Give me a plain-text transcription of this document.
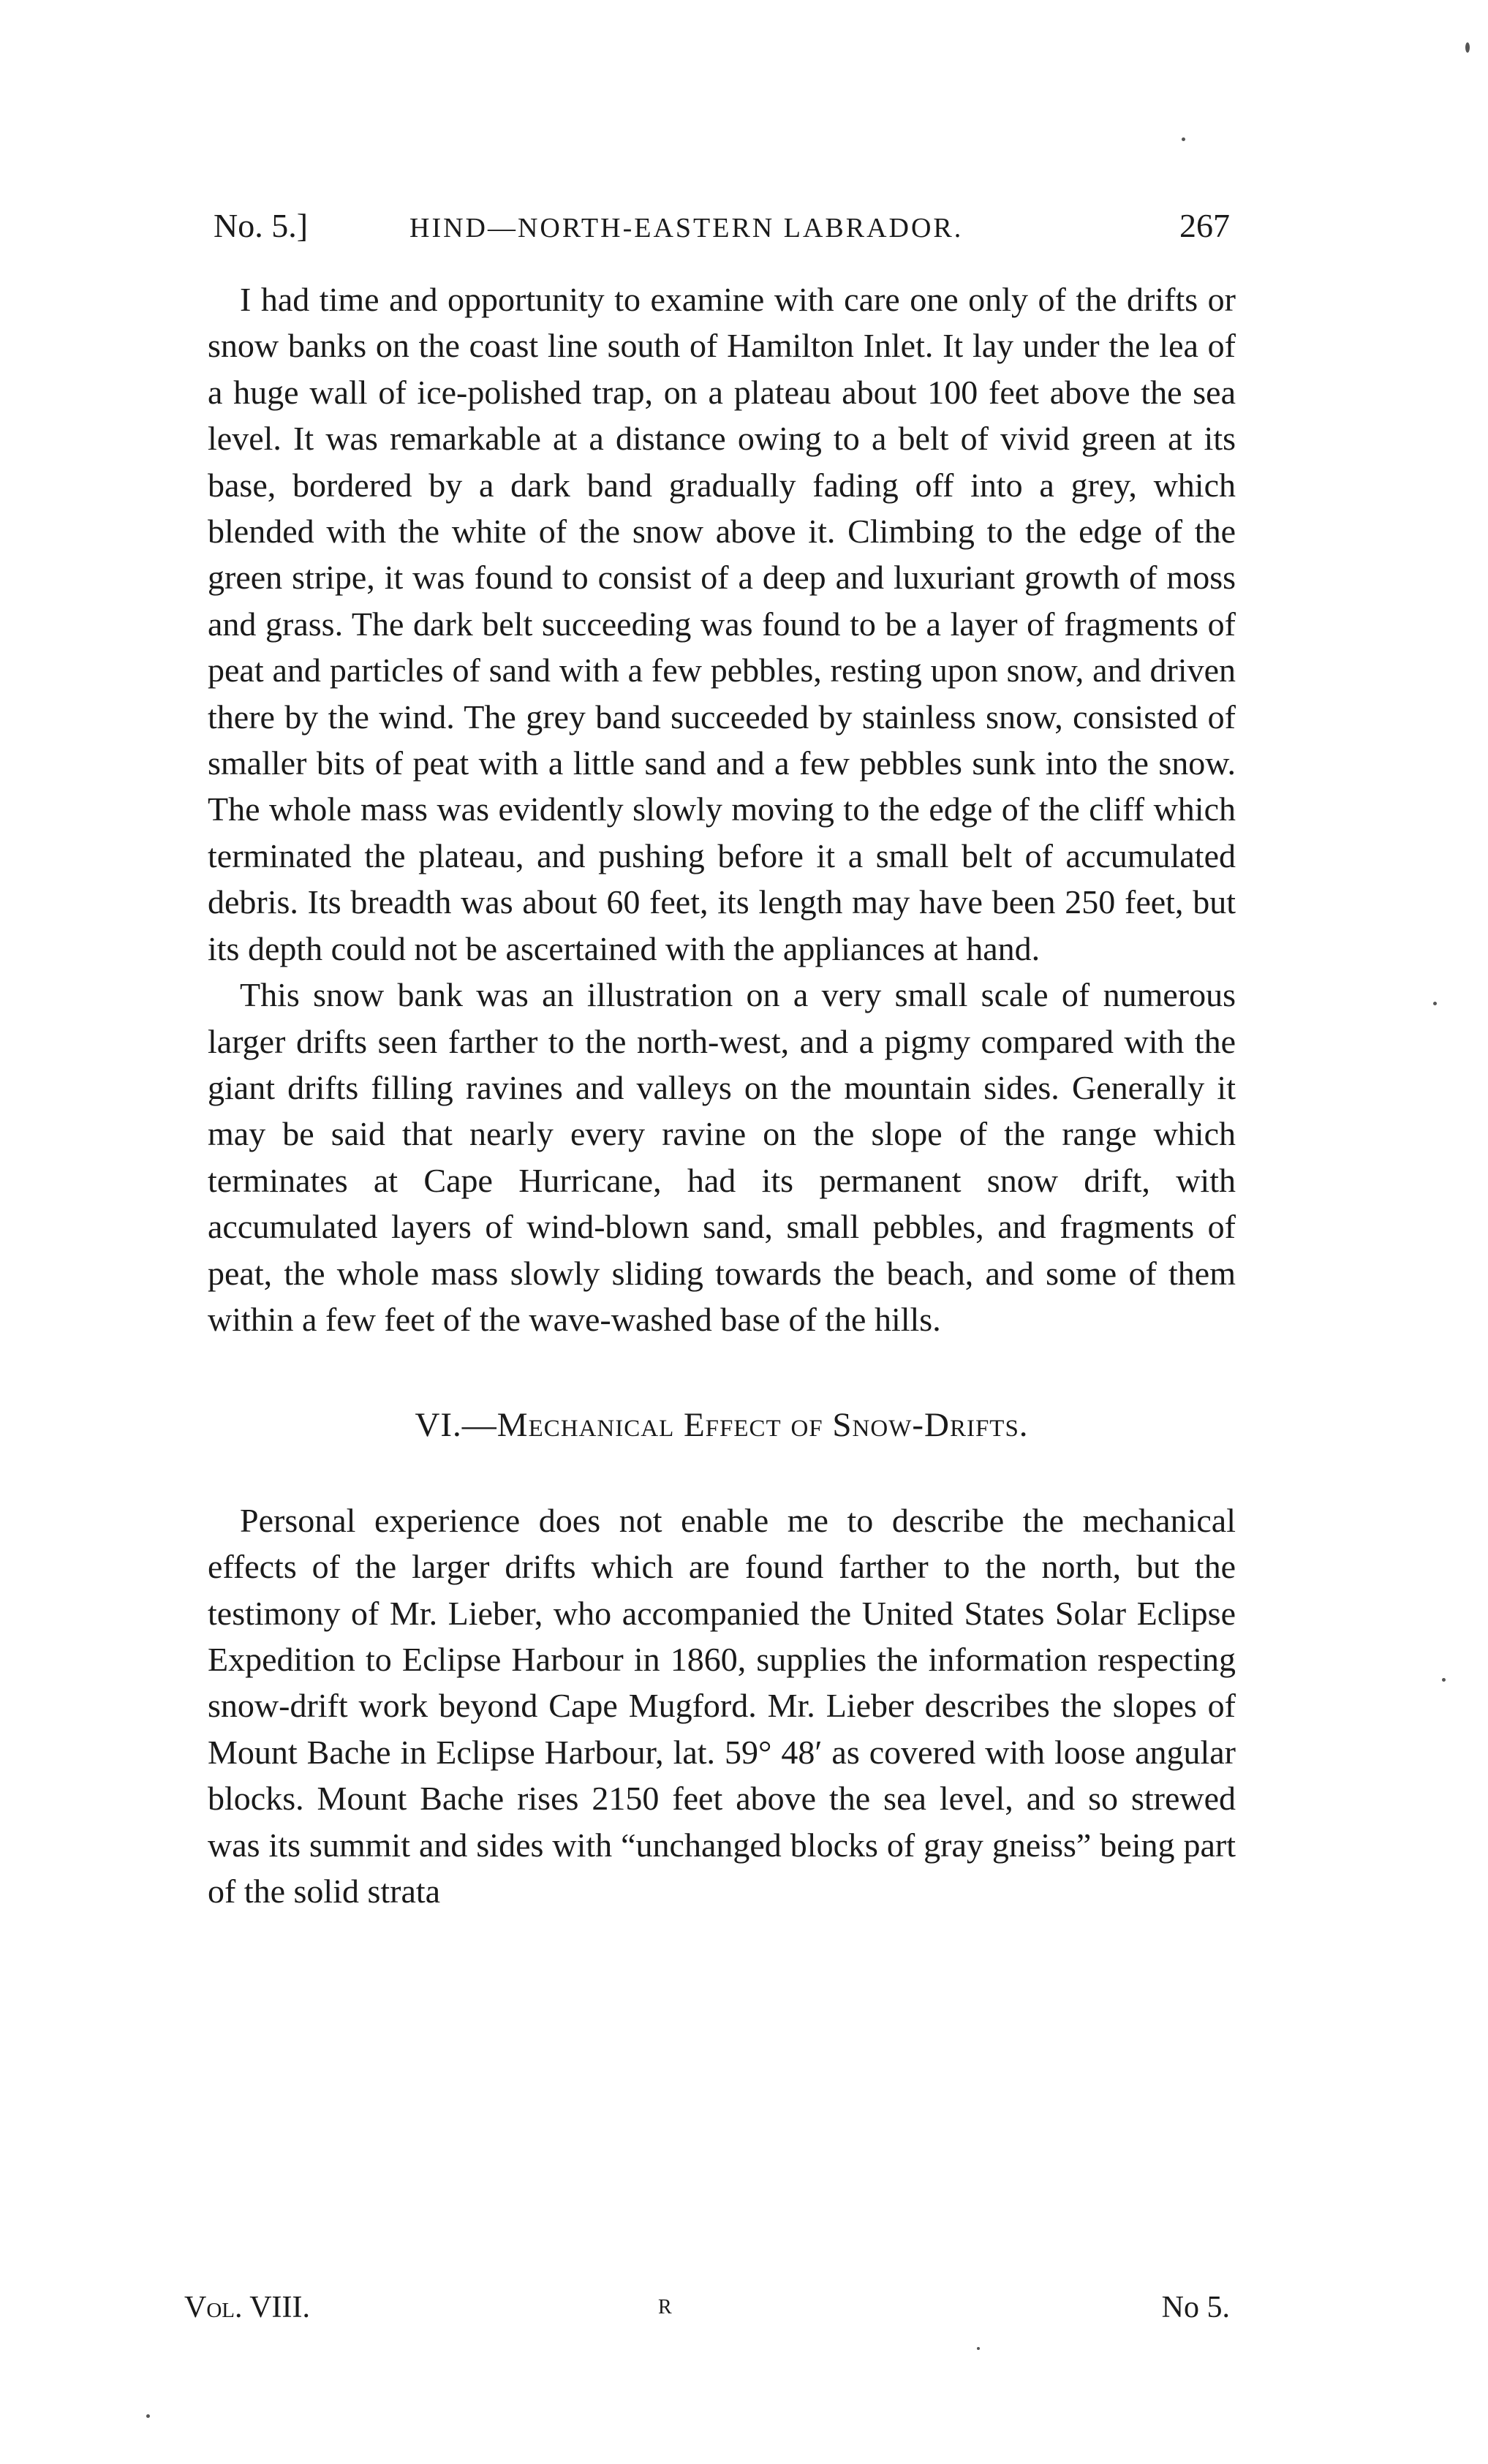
No. 5.]	HIND—NORTH-EASTERN LABRADOR.	267

I had time and opportunity to examine with care one only of the drifts or snow banks on the coast line south of Hamilton Inlet. It lay under the lea of a huge wall of ice-polished trap, on a plateau about 100 feet above the sea level. It was remarkable at a distance owing to a belt of vivid green at its base, bordered by a dark band gradually fading off into a grey, which blended with the white of the snow above it. Climbing to the edge of the green stripe, it was found to consist of a deep and luxuriant growth of moss and grass. The dark belt succeeding was found to be a layer of fragments of peat and particles of sand with a few pebbles, resting upon snow, and driven there by the wind. The grey band succeeded by stainless snow, consisted of smaller bits of peat with a little sand and a few pebbles sunk into the snow. The whole mass was evidently slowly moving to the edge of the cliff which terminated the plateau, and pushing before it a small belt of accumulated debris. Its breadth was about 60 feet, its length may have been 250 feet, but its depth could not be ascertained with the appliances at hand.

This snow bank was an illustration on a very small scale of numerous larger drifts seen farther to the north-west, and a pigmy compared with the giant drifts filling ravines and valleys on the mountain sides. Generally it may be said that nearly every ravine on the slope of the range which terminates at Cape Hurricane, had its permanent snow drift, with accumulated layers of wind-blown sand, small pebbles, and fragments of peat, the whole mass slowly sliding towards the beach, and some of them within a few feet of the wave-washed base of the hills.

VI.—Mechanical Effect of Snow-Drifts.

Personal experience does not enable me to describe the mechanical effects of the larger drifts which are found farther to the north, but the testimony of Mr. Lieber, who accompanied the United States Solar Eclipse Expedition to Eclipse Harbour in 1860, supplies the information respecting snow-drift work beyond Cape Mugford. Mr. Lieber describes the slopes of Mount Bache in Eclipse Harbour, lat. 59° 48′ as covered with loose angular blocks. Mount Bache rises 2150 feet above the sea level, and so strewed was its summit and sides with “unchanged blocks of gray gneiss” being part of the solid strata

Vol. VIII.	R	No 5.
